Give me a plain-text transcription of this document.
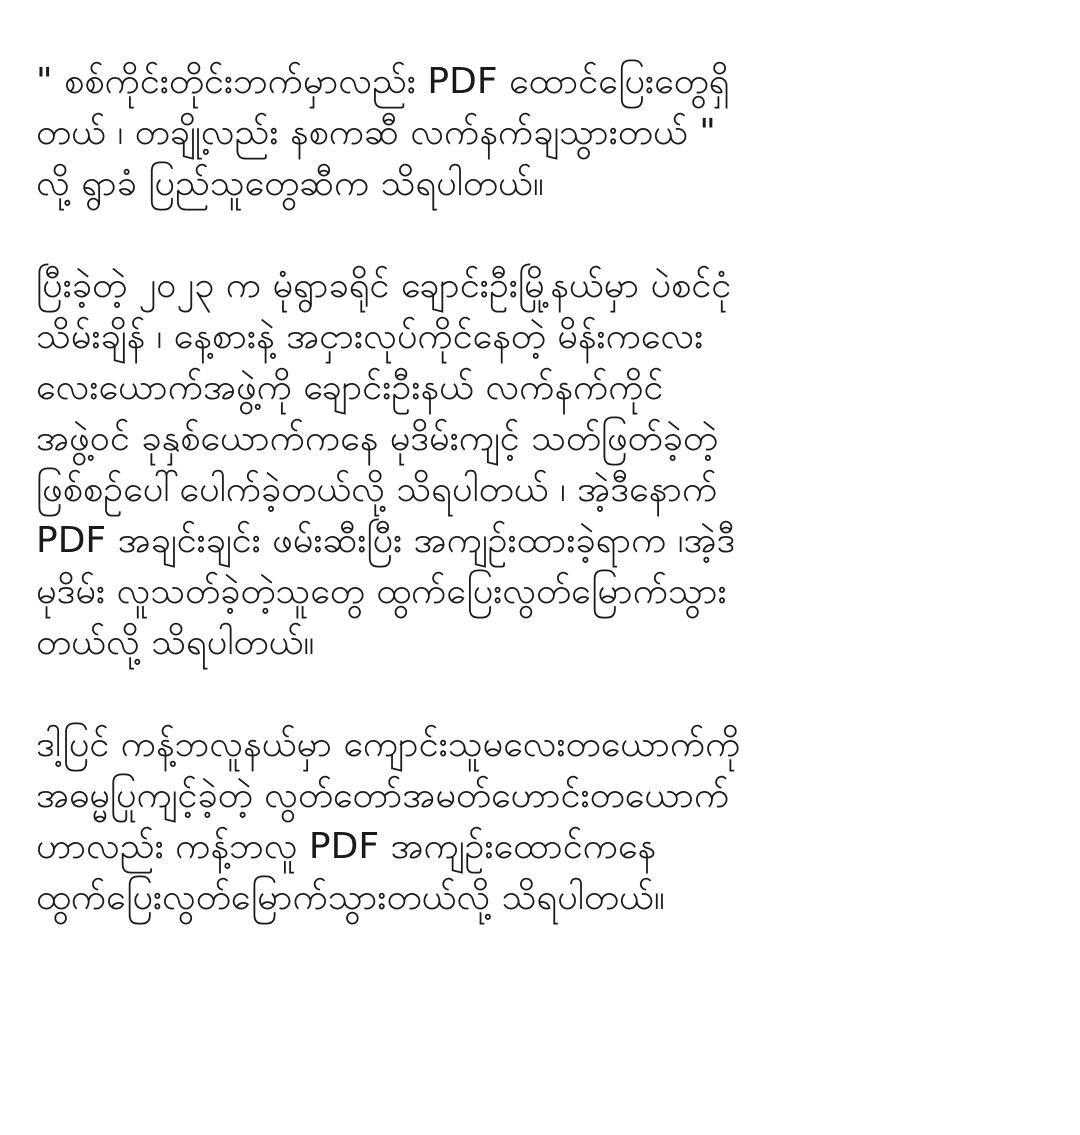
" စစ်ကိုင်းတိုင်းဘက်မှာလည်း PDF ထောင်ပြေးတွေရှိ
တယ် ၊ တချို့လည်း နစကဆီ လက်နက်ချသွားတယ် "
လို့ ရွာခံ ပြည်သူတွေဆီက သိရပါတယ်။
ပြီးခဲ့တဲ့ ၂၀၂၃ က မုံရွာခရိုင် ချောင်းဦးမြို့နယ်မှာ ပဲစင်ငုံ
သိမ်းချိန် ၊ နေ့စားနဲ့ အငှားလုပ်ကိုင်နေတဲ့ မိန်းကလေး
လေးယောက်အဖွဲ့ကို ချောင်းဦးနယ် လက်နက်ကိုင်
အဖွဲ့ဝင် ခုနှစ်ယောက်ကနေ မုဒိမ်းကျင့် သတ်ဖြတ်ခဲ့တဲ့
ဖြစ်စဉ်ပေါ်ပေါက်ခဲ့တယ်လို့ သိရပါတယ် ၊ အဲ့ဒီနောက်
PDF အချင်းချင်း ဖမ်းဆီးပြီး အကျဉ်းထားခဲ့ရာက ၊အဲ့ဒီ
မုဒိမ်း လူသတ်ခဲ့တဲ့သူတွေ ထွက်ပြေးလွတ်မြောက်သွား
တယ်လို့ သိရပါတယ်။
ဒါ့ပြင် ကန့်ဘလူနယ်မှာ ကျောင်းသူမလေးတယောက်ကို
အဓမ္မပြုကျင့်ခဲ့တဲ့ လွတ်တော်အမတ်ဟောင်းတယောက်
ဟာလည်း ကန့်ဘလူ PDF အကျဉ်းထောင်ကနေ
ထွက်ပြေးလွတ်မြောက်သွားတယ်လို့ သိရပါတယ်။
